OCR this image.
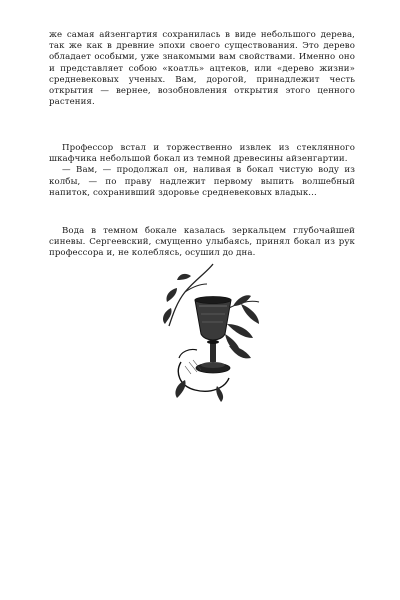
же самая айзенгартия сохранилась в виде небольшого дерева, так же как в древние эпохи своего существования. Это дерево обладает особыми, уже знакомыми вам свойствами. Именно оно и представляет собою «коатль» ацтеков, или «дерево жизни» средневековых ученых. Вам, дорогой, принадлежит честь открытия — вернее, возобновления открытия этого ценного растения.

Профессор встал и торжественно извлек из стеклянного шкафчика небольшой бокал из темной древесины айзенгартии.

— Вам, — продолжал он, наливая в бокал чистую воду из колбы, — по праву надлежит первому выпить волшебный напиток, сохранивший здоровье средневековых владык...

Вода в темном бокале казалась зеркальцем глубочайшей синевы. Сергеевский, смущенно улыбаясь, принял бокал из рук профессора и, не колеблясь, осушил до дна.
